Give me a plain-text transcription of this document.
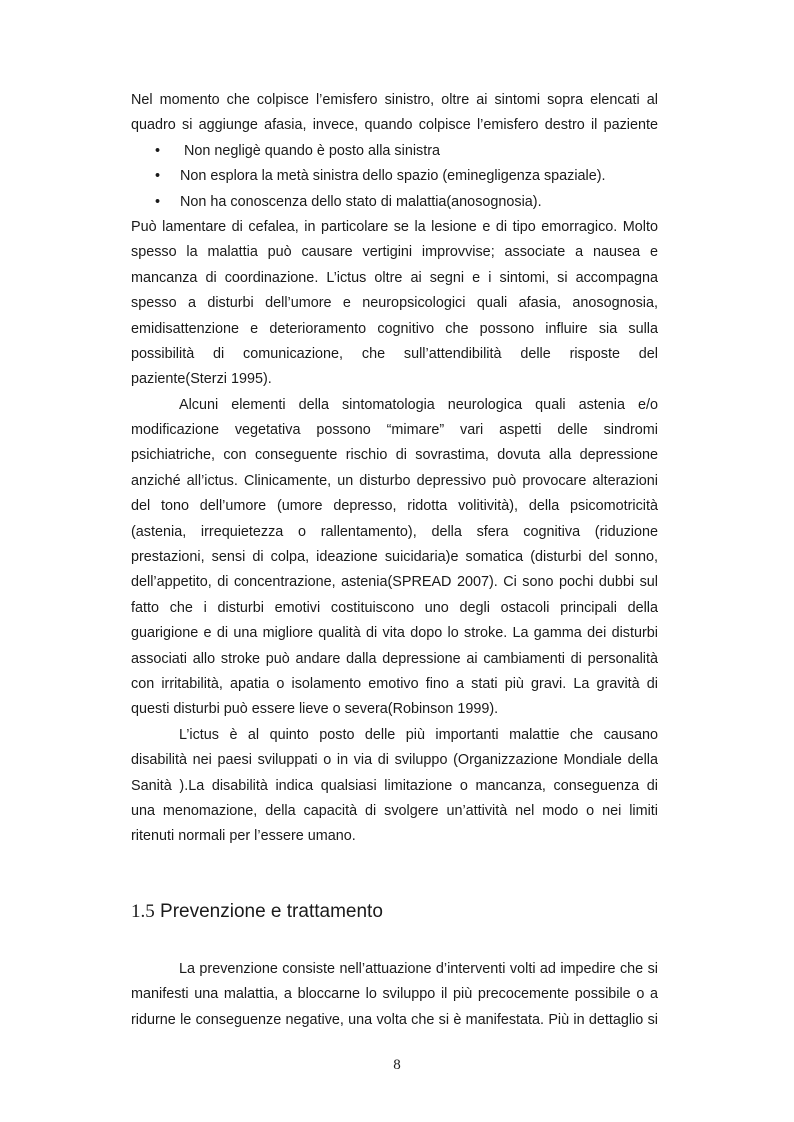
Nel momento che colpisce l’emisfero sinistro, oltre ai sintomi sopra elencati al

quadro si aggiunge afasia, invece, quando colpisce l’emisfero destro il paziente

• Non negligè quando è posto alla sinistra

• Non esplora la metà sinistra dello spazio (eminegligenza spaziale).

• Non ha conoscenza dello stato di malattia(anosognosia).

Può lamentare di cefalea, in particolare se la lesione e di tipo emorragico. Molto

spesso la malattia può causare vertigini improvvise; associate a nausea e

mancanza di coordinazione. L’ictus oltre ai segni e i sintomi, si accompagna

spesso a disturbi dell’umore e neuropsicologici quali afasia, anosognosia,

emidisattenzione e deterioramento cognitivo che possono influire sia sulla

possibilità di comunicazione, che sull’attendibilità delle risposte del

paziente(Sterzi 1995).

Alcuni elementi della sintomatologia neurologica quali astenia e/o

modificazione vegetativa possono “mimare” vari aspetti delle sindromi

psichiatriche, con conseguente rischio di sovrastima, dovuta alla depressione

anziché all’ictus. Clinicamente, un disturbo depressivo può provocare alterazioni

del tono dell’umore (umore depresso, ridotta volitività), della psicomotricità

(astenia, irrequietezza o rallentamento), della sfera cognitiva (riduzione

prestazioni, sensi di colpa, ideazione suicidaria)e somatica (disturbi del sonno,

dell’appetito, di concentrazione, astenia(SPREAD 2007). Ci sono pochi dubbi sul

fatto che i disturbi emotivi costituiscono uno degli ostacoli principali della

guarigione e di una migliore qualità di vita dopo lo stroke. La gamma dei disturbi

associati allo stroke può andare dalla depressione ai cambiamenti di personalità

con irritabilità, apatia o isolamento emotivo fino a stati più gravi. La gravità di

questi disturbi può essere lieve o severa(Robinson 1999).

L’ictus è al quinto posto delle più importanti malattie che causano

disabilità nei paesi sviluppati o in via di sviluppo (Organizzazione Mondiale della

Sanità ).La disabilità indica qualsiasi limitazione o mancanza, conseguenza di

una menomazione, della capacità di svolgere un’attività nel modo o nei limiti

ritenuti normali per l’essere umano.

1.5 Prevenzione e trattamento

La prevenzione consiste nell’attuazione d’interventi volti ad impedire che si

manifesti una malattia, a bloccarne lo sviluppo il più precocemente possibile o a

ridurne le conseguenze negative, una volta che si è manifestata. Più in dettaglio si

8
